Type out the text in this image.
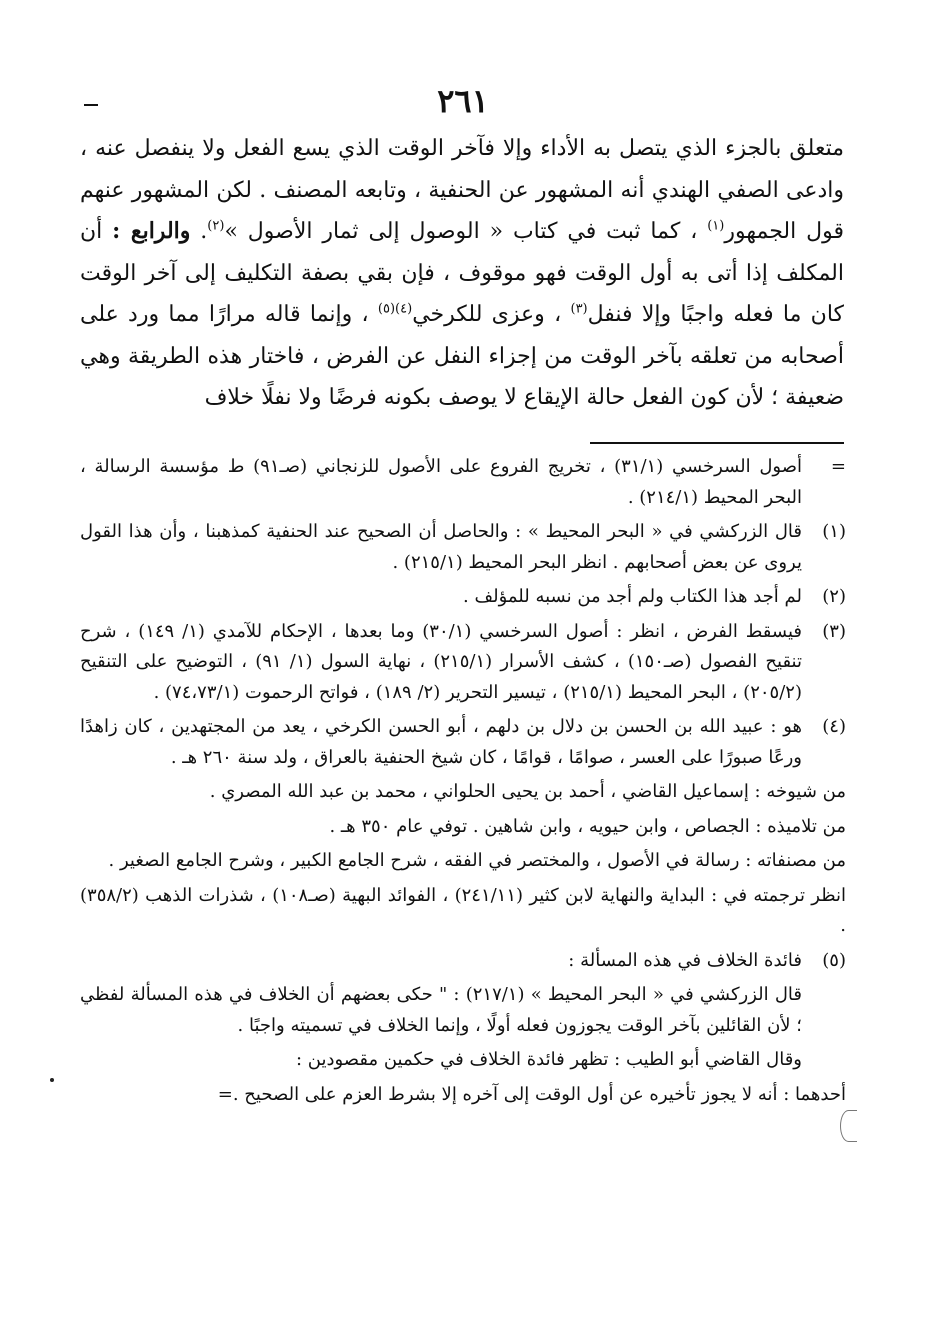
٢٦١

متعلق بالجزء الذي يتصل به الأداء وإلا فآخر الوقت الذي يسع الفعل ولا ينفصل عنه ، وادعى الصفي الهندي أنه المشهور عن الحنفية ، وتابعه المصنف . لكن المشهور عنهم قول الجمهور$^{(١)}$ ، كما ثبت في كتاب « الوصول إلى ثمار الأصول »$^{(٢)}$. والرابع : أن المكلف إذا أتى به أول الوقت فهو موقوف ، فإن بقي بصفة التكليف إلى آخر الوقت كان ما فعله واجبًا وإلا فنفل$^{(٣)}$ ، وعزى للكرخي$^{(٤)(٥)}$ ، وإنما قاله مرارًا مما ورد على أصحابه من تعلقه بآخر الوقت من إجزاء النفل عن الفرض ، فاختار هذه الطريقة وهي ضعيفة ؛ لأن كون الفعل حالة الإيقاع لا يوصف بكونه فرضًا ولا نفلًا خلاف

=
أصول السرخسي (٣١/١) ، تخريج الفروع على الأصول للزنجاني (صـ٩١) ط مؤسسة الرسالة ، البحر المحيط (٢١٤/١) .
(١)
قال الزركشي في « البحر المحيط » : والحاصل أن الصحيح عند الحنفية كمذهبنا ، وأن هذا القول يروى عن بعض أصحابهم . انظر البحر المحيط (٢١٥/١) .
(٢)
لم أجد هذا الكتاب ولم أجد من نسبه للمؤلف .
(٣)
فيسقط الفرض ، انظر : أصول السرخسي (٣٠/١) وما بعدها ، الإحكام للآمدي (١/ ١٤٩) ، شرح تنقيح الفصول (صـ١٥٠) ، كشف الأسرار (٢١٥/١) ، نهاية السول (١/ ٩١) ، التوضيح على التنقيح (٢٠٥/٢) ، البحر المحيط (٢١٥/١) ، تيسير التحرير (٢/ ١٨٩) ، فواتح الرحموت (٧٤،٧٣/١) .
(٤)
هو : عبيد الله بن الحسن بن دلال بن دلهم ، أبو الحسن الكرخي ، يعد من المجتهدين ، كان زاهدًا ورعًا صبورًا على العسر ، صوامًا ، قوامًا ، كان شيخ الحنفية بالعراق ، ولد سنة ٢٦٠ هـ .

من شيوخه : إسماعيل القاضي ، أحمد بن يحيى الحلواني ، محمد بن عبد الله المصري .

من تلاميذه : الجصاص ، وابن حيويه ، وابن شاهين . توفي عام ٣٥٠ هـ .

من مصنفاته : رسالة في الأصول ، والمختصر في الفقه ، شرح الجامع الكبير ، وشرح الجامع الصغير .

انظر ترجمته في : البداية والنهاية لابن كثير (٢٤١/١١) ، الفوائد البهية (صـ١٠٨) ، شذرات الذهب (٣٥٨/٢) .

(٥)
فائدة الخلاف في هذه المسألة :

قال الزركشي في « البحر المحيط » (٢١٧/١) : " حكى بعضهم أن الخلاف في هذه المسألة لفظي ؛ لأن القائلين بآخر الوقت يجوزون فعله أولًا ، وإنما الخلاف في تسميته واجبًا .

وقال القاضي أبو الطيب : تظهر فائدة الخلاف في حكمين مقصودين :

أحدهما : أنه لا يجوز تأخيره عن أول الوقت إلى آخره إلا بشرط العزم على الصحيح .=
